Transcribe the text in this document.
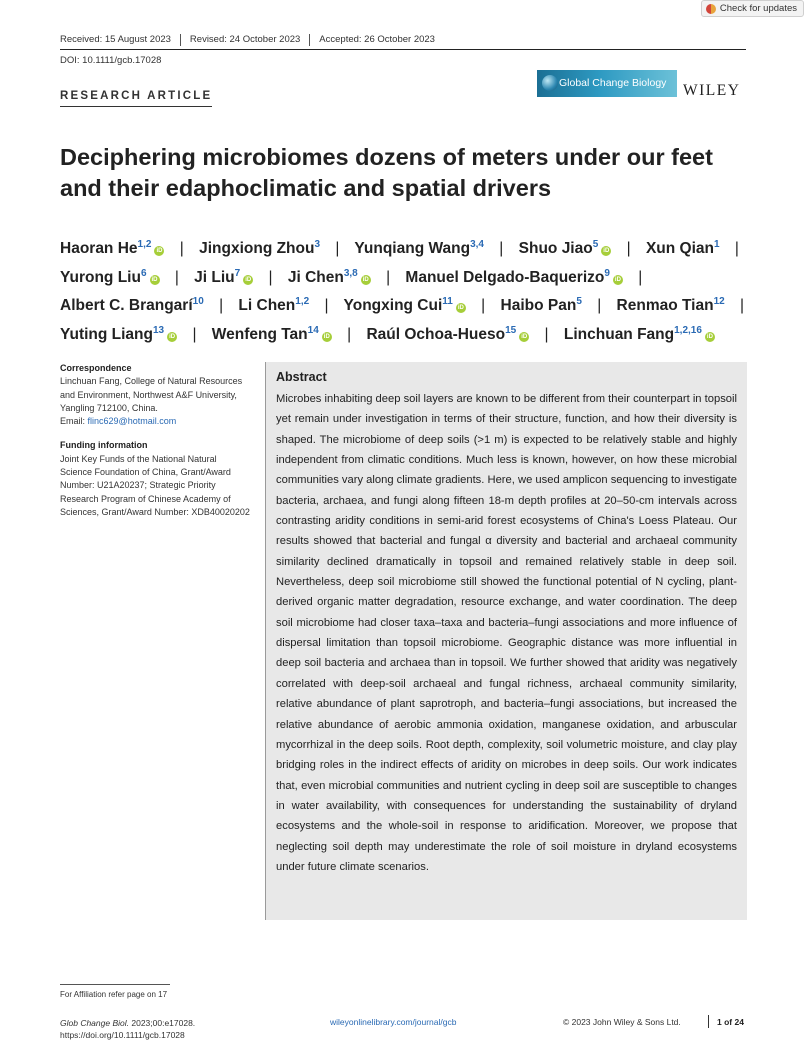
Check for updates
Received: 15 August 2023 Revised: 24 October 2023 Accepted: 26 October 2023
DOI: 10.1111/gcb.17028
RESEARCH ARTICLE
Global Change Biology WILEY
Deciphering microbiomes dozens of meters under our feet and their edaphoclimatic and spatial drivers
Haoran He$^{1,2}$iD | Jingxiong Zhou$^3$ | Yunqiang Wang$^{3,4}$ | Shuo Jiao$^5$iD | Xun Qian$^1$ | Yurong Liu$^6$iD | Ji Liu$^7$iD | Ji Chen$^{3,8}$iD | Manuel Delgado-Baquerizo$^9$iD | Albert C. Brangarí$^{10}$ | Li Chen$^{1,2}$ | Yongxing Cui$^{11}$iD | Haibo Pan$^5$ | Renmao Tian$^{12}$ | Yuting Liang$^{13}$iD | Wenfeng Tan$^{14}$iD | Raúl Ochoa-Hueso$^{15}$iD | Linchuan Fang$^{1,2,16}$iD

Correspondence

Linchuan Fang, College of Natural Resources and Environment, Northwest A&F University, Yangling 712100, China.
Email: flinc629@hotmail.com

Funding information

Joint Key Funds of the National Natural Science Foundation of China, Grant/Award Number: U21A20237; Strategic Priority Research Program of Chinese Academy of Sciences, Grant/Award Number: XDB40020202

Abstract

Microbes inhabiting deep soil layers are known to be different from their counterpart in topsoil yet remain under investigation in terms of their structure, function, and how their diversity is shaped. The microbiome of deep soils (>1 m) is expected to be relatively stable and highly independent from climatic conditions. Much less is known, however, on how these microbial communities vary along climate gradients. Here, we used amplicon sequencing to investigate bacteria, archaea, and fungi along fifteen 18-m depth profiles at 20–50-cm intervals across contrasting aridity conditions in semi-arid forest ecosystems of China's Loess Plateau. Our results showed that bacterial and fungal α diversity and bacterial and archaeal community similarity declined dramatically in topsoil and remained relatively stable in deep soil. Nevertheless, deep soil microbiome still showed the functional potential of N cycling, plant-derived organic matter degradation, resource exchange, and water coordination. The deep soil microbiome had closer taxa–taxa and bacteria–fungi associations and more influence of dispersal limitation than topsoil microbiome. Geographic distance was more influential in deep soil bacteria and archaea than in topsoil. We further showed that aridity was negatively correlated with deep-soil archaeal and fungal richness, archaeal community similarity, relative abundance of plant saprotroph, and bacteria–fungi associations, but increased the relative abundance of aerobic ammonia oxidation, manganese oxidation, and arbuscular mycorrhizal in the deep soils. Root depth, complexity, soil volumetric moisture, and clay play bridging roles in the indirect effects of aridity on microbes in deep soils. Our work indicates that, even microbial communities and nutrient cycling in deep soil are susceptible to changes in water availability, with consequences for understanding the sustainability of dryland ecosystems and the whole-soil in response to aridification. Moreover, we propose that neglecting soil depth may underestimate the role of soil moisture in dryland ecosystems under future climate scenarios.

For Affiliation refer page on 17
Glob Change Biol. 2023;00:e17028.
https://doi.org/10.1111/gcb.17028
wileyonlinelibrary.com/journal/gcb	© 2023 John Wiley & Sons Ltd.	1 of 24
